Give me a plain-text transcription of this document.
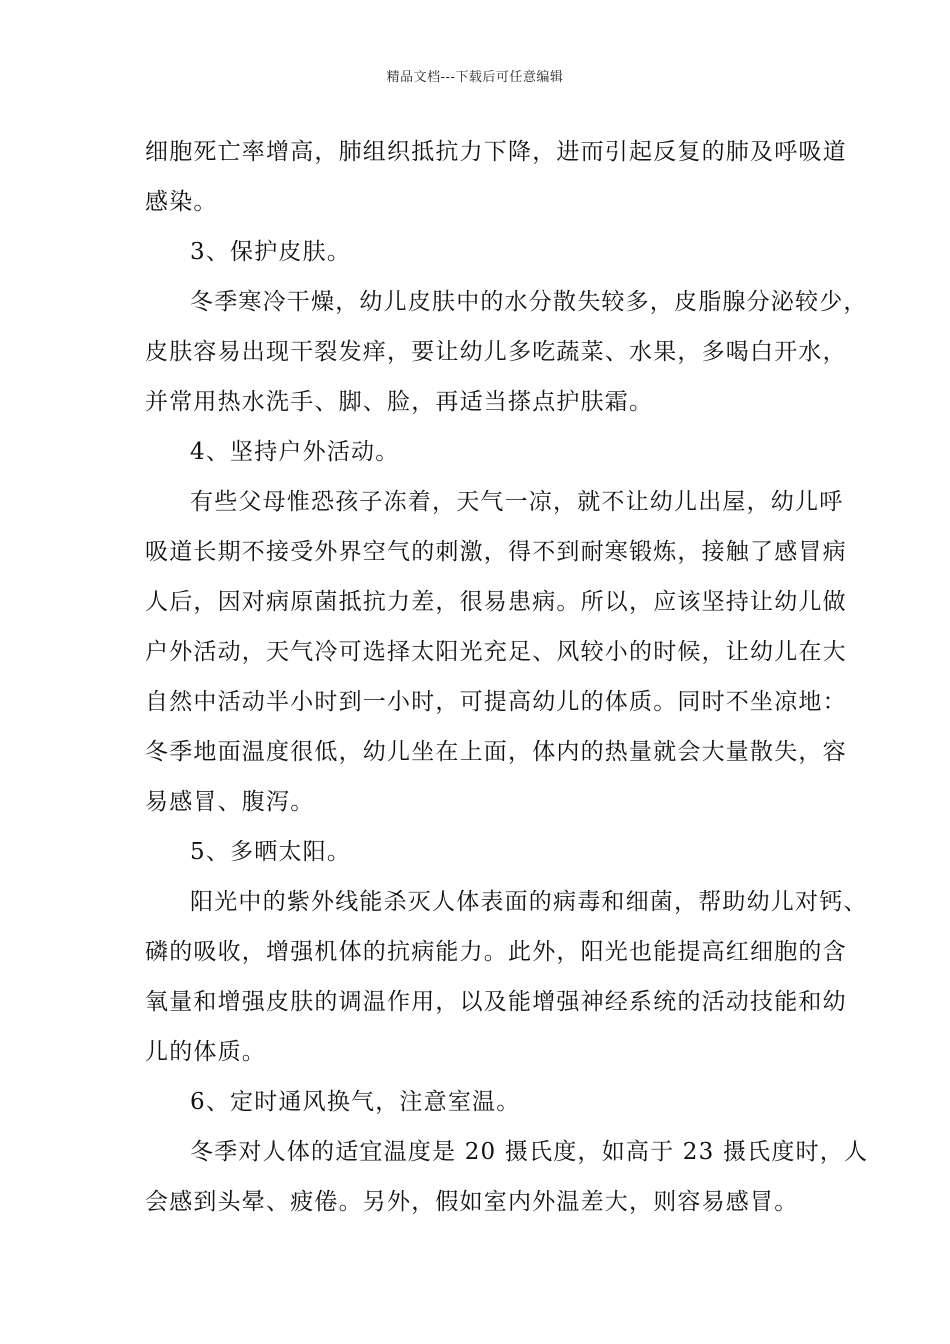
精品文档---下载后可任意编辑
细胞死亡率增高，肺组织抵抗力下降，进而引起反复的肺及呼吸道
感染。
3、保护皮肤。
冬季寒冷干燥，幼儿皮肤中的水分散失较多，皮脂腺分泌较少，
皮肤容易出现干裂发痒，要让幼儿多吃蔬菜、水果，多喝白开水，
并常用热水洗手、脚、脸，再适当搽点护肤霜。
4、坚持户外活动。
有些父母惟恐孩子冻着，天气一凉，就不让幼儿出屋，幼儿呼
吸道长期不接受外界空气的刺激，得不到耐寒锻炼，接触了感冒病
人后，因对病原菌抵抗力差，很易患病。所以，应该坚持让幼儿做
户外活动，天气冷可选择太阳光充足、风较小的时候，让幼儿在大
自然中活动半小时到一小时，可提高幼儿的体质。同时不坐凉地：
冬季地面温度很低，幼儿坐在上面，体内的热量就会大量散失，容
易感冒、腹泻。
5、多晒太阳。
阳光中的紫外线能杀灭人体表面的病毒和细菌，帮助幼儿对钙、
磷的吸收，增强机体的抗病能力。此外，阳光也能提高红细胞的含
氧量和增强皮肤的调温作用，以及能增强神经系统的活动技能和幼
儿的体质。
6、定时通风换气，注意室温。
冬季对人体的适宜温度是 20 摄氏度，如高于 23 摄氏度时，人
会感到头晕、疲倦。另外，假如室内外温差大，则容易感冒。
